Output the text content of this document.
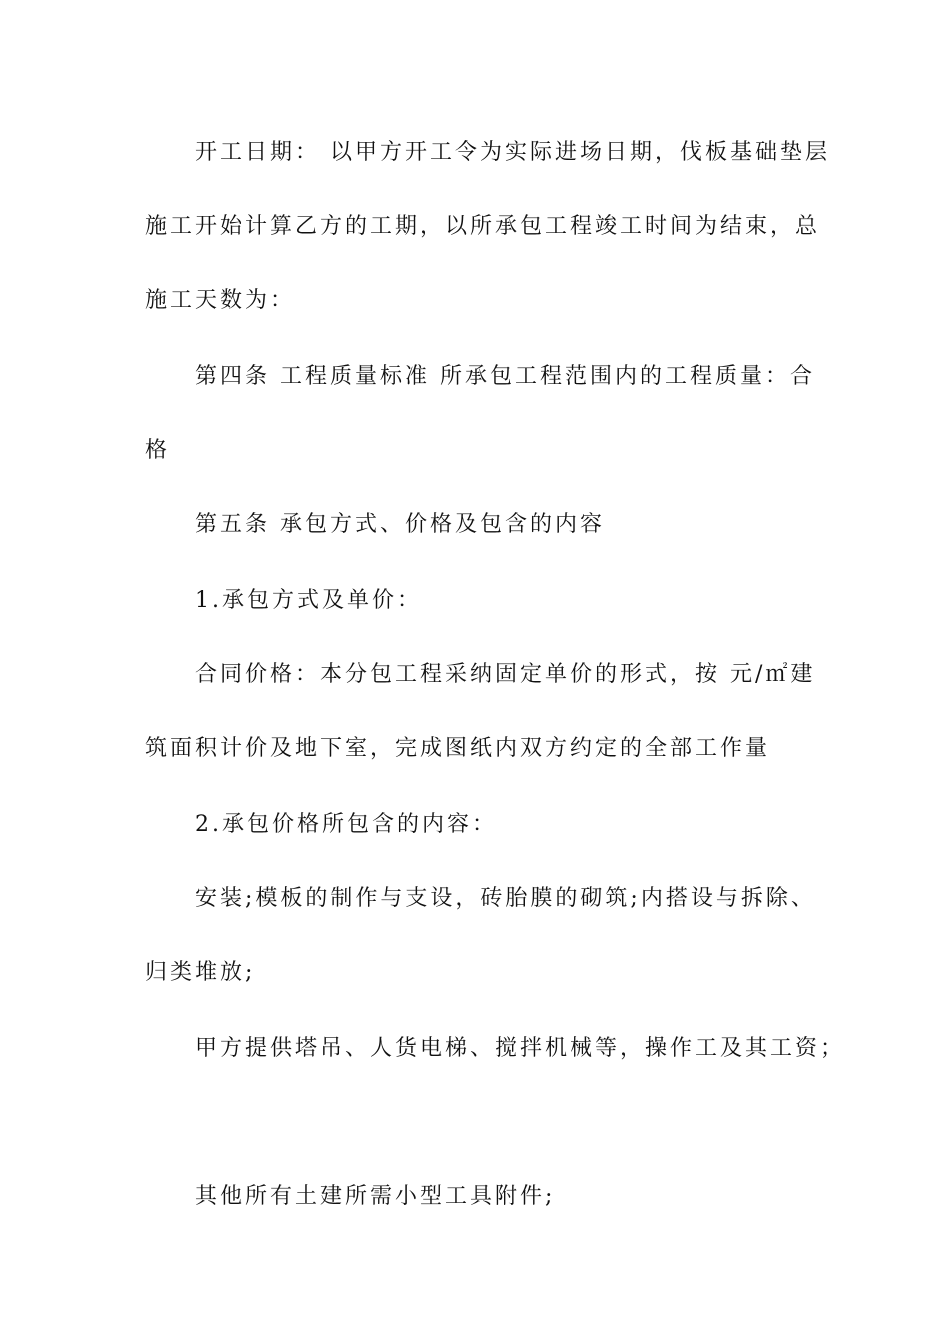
开工日期： 以甲方开工令为实际进场日期，伐板基础垫层
施工开始计算乙方的工期，以所承包工程竣工时间为结束，总
施工天数为：
第四条 工程质量标准 所承包工程范围内的工程质量：合
格
第五条 承包方式、价格及包含的内容
1.承包方式及单价：
合同价格：本分包工程采纳固定单价的形式，按 元/㎡建
筑面积计价及地下室，完成图纸内双方约定的全部工作量
2.承包价格所包含的内容：
安装;模板的制作与支设，砖胎膜的砌筑;内搭设与拆除、
归类堆放;
甲方提供塔吊、人货电梯、搅拌机械等，操作工及其工资；
其他所有土建所需小型工具附件;
